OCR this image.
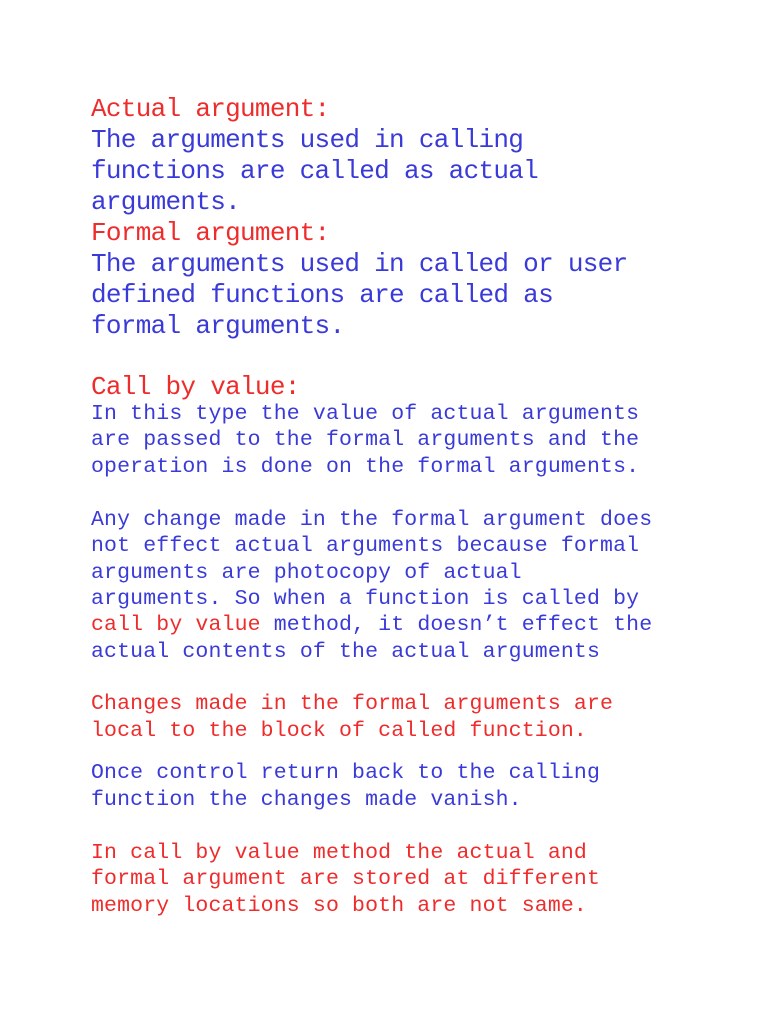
Actual argument:
The arguments used in calling
functions are called as actual
arguments.
Formal argument:
The arguments used in called or user
defined functions are called as
formal arguments.
Call by value:
In this type the value of actual arguments
are passed to the formal arguments and the
operation is done on the formal arguments.
Any change made in the formal argument does
not effect actual arguments because formal
arguments are photocopy of actual
arguments. So when a function is called by
call by value method, it doesn’t effect the
actual contents of the actual arguments
Changes made in the formal arguments are
local to the block of called function.
Once control return back to the calling
function the changes made vanish.
In call by value method the actual and
formal argument are stored at different
memory locations so both are not same.
